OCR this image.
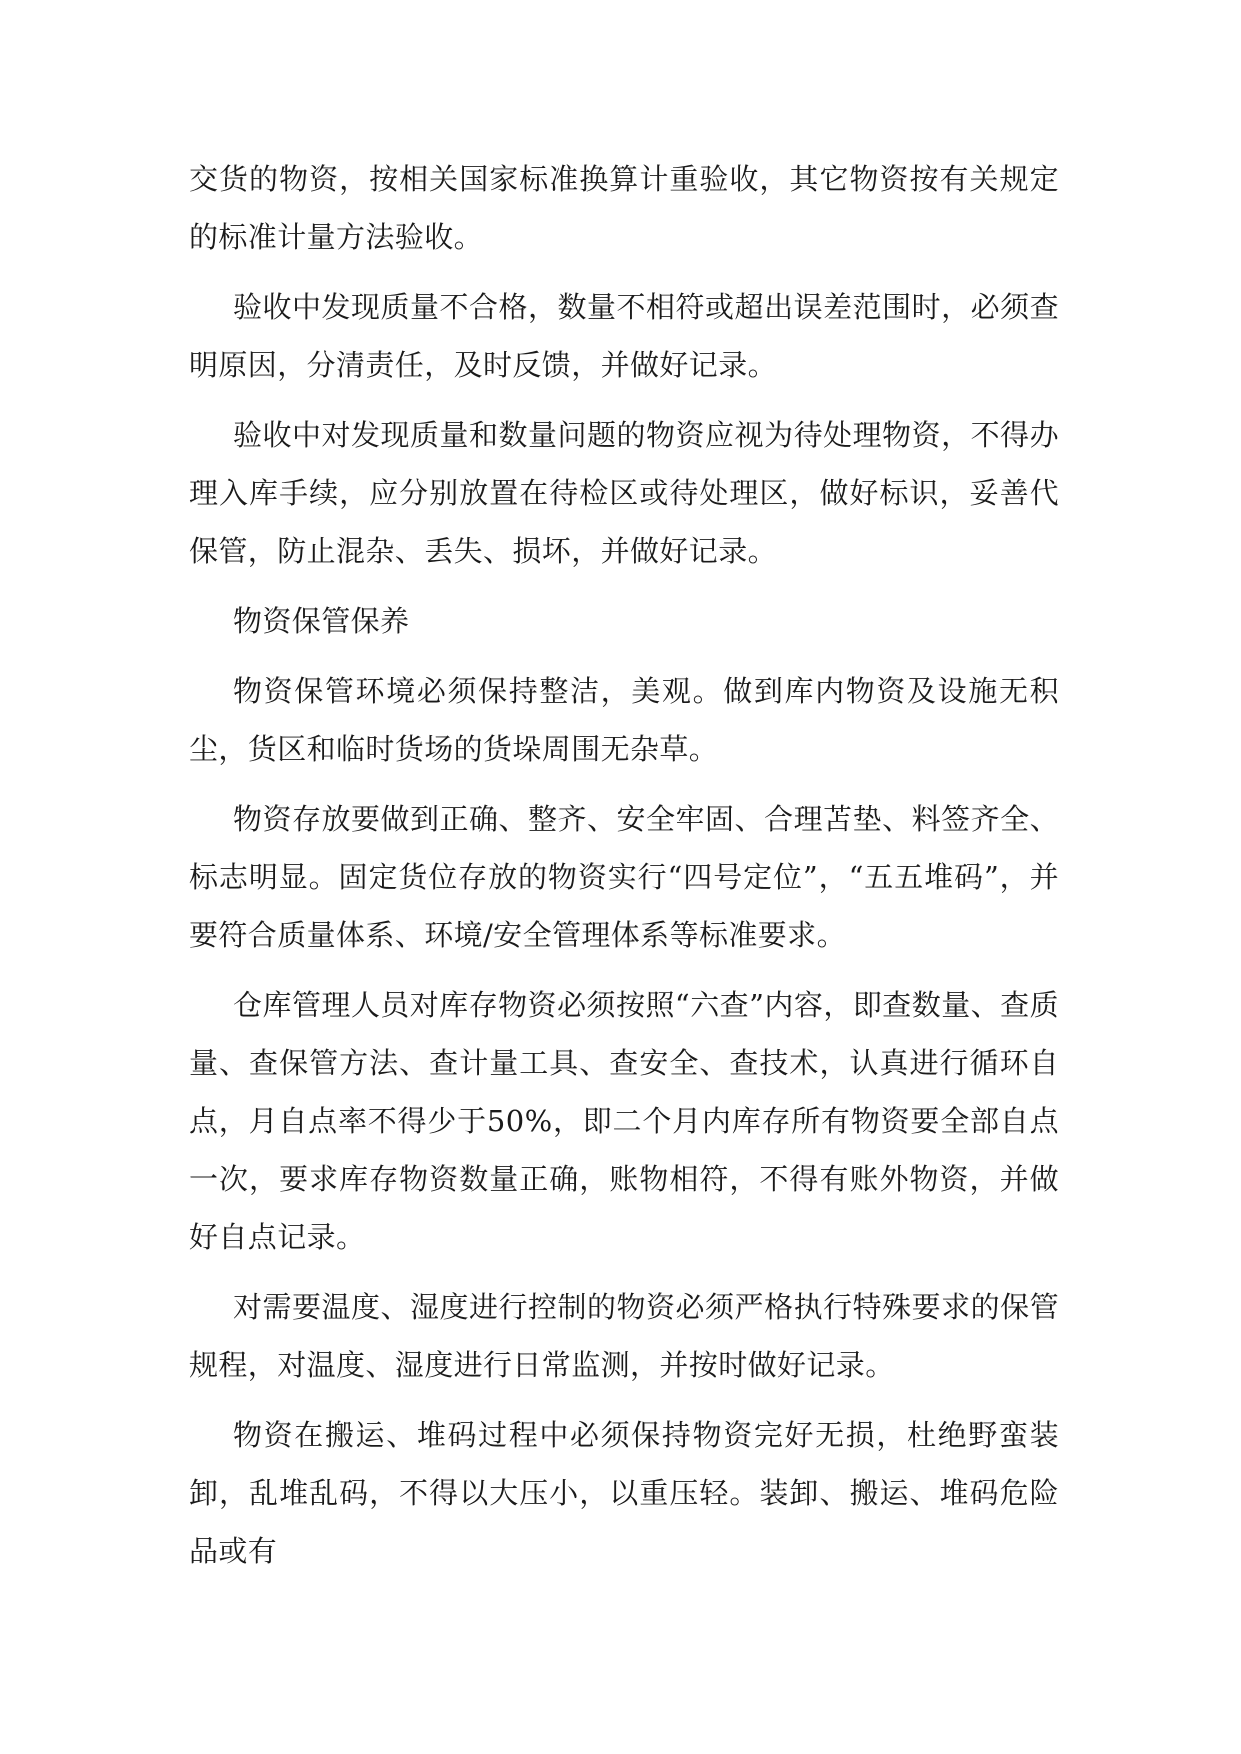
交货的物资，按相关国家标准换算计重验收，其它物资按有关规定的标准计量方法验收。

验收中发现质量不合格，数量不相符或超出误差范围时，必须查明原因，分清责任，及时反馈，并做好记录。

验收中对发现质量和数量问题的物资应视为待处理物资，不得办理入库手续，应分别放置在待检区或待处理区，做好标识，妥善代保管，防止混杂、丢失、损坏，并做好记录。

物资保管保养

物资保管环境必须保持整洁，美观。做到库内物资及设施无积尘，货区和临时货场的货垛周围无杂草。

物资存放要做到正确、整齐、安全牢固、合理苫垫、料签齐全、标志明显。固定货位存放的物资实行“四号定位”，“五五堆码”，并要符合质量体系、环境/安全管理体系等标准要求。

仓库管理人员对库存物资必须按照“六查”内容，即查数量、查质量、查保管方法、查计量工具、查安全、查技术，认真进行循环自点，月自点率不得少于50%，即二个月内库存所有物资要全部自点一次，要求库存物资数量正确，账物相符，不得有账外物资，并做好自点记录。

对需要温度、湿度进行控制的物资必须严格执行特殊要求的保管规程，对温度、湿度进行日常监测，并按时做好记录。

物资在搬运、堆码过程中必须保持物资完好无损，杜绝野蛮装卸，乱堆乱码，不得以大压小，以重压轻。装卸、搬运、堆码危险品或有
